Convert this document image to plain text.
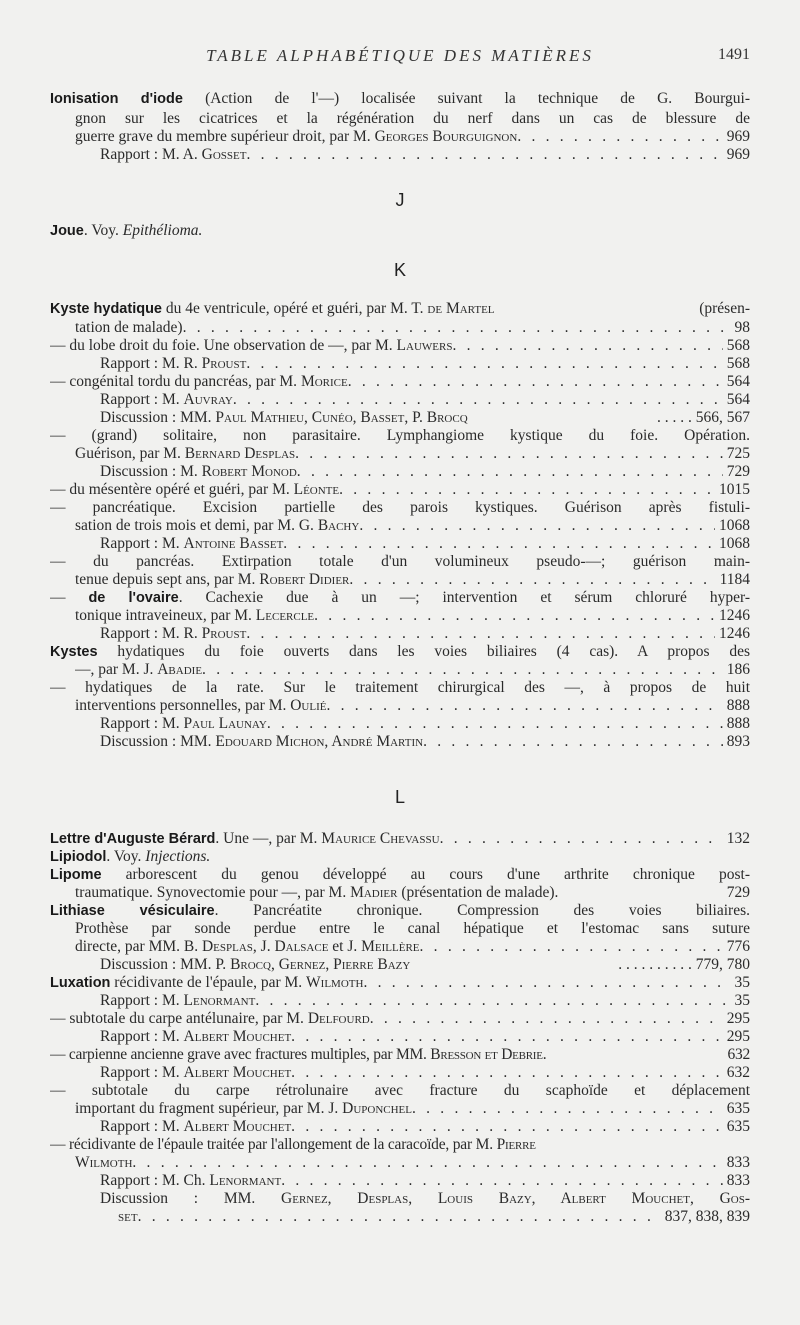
TABLE ALPHABÉTIQUE DES MATIÈRES	1491
Ionisation d'iode (Action de l'—) localisée suivant la technique de G. Bourgui-
gnon sur les cicatrices et la régénération du nerf dans un cas de blessure de
guerre grave du membre supérieur droit, par M. Georges Bourguignon . . .	969
Rapport : M. A. Gosset . . .	969
J
Joue. Voy. Epithélioma.
K
Kyste hydatique du 4e ventricule, opéré et guéri, par M. T. de Martel	(présen-
tation de malade) . . .	98
— du lobe droit du foie. Une observation de —, par M. Lauwers . . .	568
Rapport : M. R. Proust . . .	568
— congénital tordu du pancréas, par M. Morice . . .	564
Rapport : M. Auvray . . .	564
Discussion : MM. Paul Mathieu, Cunéo, Basset, P. Brocq	. . . . . 566, 567
— (grand) solitaire, non parasitaire. Lymphangiome kystique du foie. Opération.
Guérison, par M. Bernard Desplas . . .	725
Discussion : M. Robert Monod . . .	729
— du mésentère opéré et guéri, par M. Léonte . . .	1015
— pancréatique. Excision partielle des parois kystiques. Guérison après fistuli-
sation de trois mois et demi, par M. G. Bachy . . .	1068
Rapport : M. Antoine Basset . . .	1068
— du pancréas. Extirpation totale d'un volumineux pseudo-—; guérison main-
tenue depuis sept ans, par M. Robert Didier . . .	1184
— de l'ovaire. Cachexie due à un —; intervention et sérum chloruré hyper-
tonique intraveineux, par M. Lecercle . . .	1246
Rapport : M. R. Proust . . .	1246
Kystes hydatiques du foie ouverts dans les voies biliaires (4 cas). A propos des
—, par M. J. Abadie . . .	186
— hydatiques de la rate. Sur le traitement chirurgical des —, à propos de huit
interventions personnelles, par M. Oulié . . .	888
Rapport : M. Paul Launay . . .	888
Discussion : MM. Edouard Michon, André Martin . . .	893
L
Lettre d'Auguste Bérard. Une —, par M. Maurice Chevassu . . .	132
Lipiodol. Voy. Injections.
Lipome arborescent du genou développé au cours d'une arthrite chronique post-
traumatique. Synovectomie pour —, par M. Madier (présentation de malade).	729
Lithiase vésiculaire. Pancréatite chronique. Compression des voies biliaires.
Prothèse par sonde perdue entre le canal hépatique et l'estomac sans suture
directe, par MM. B. Desplas, J. Dalsace et J. Meillère . . .	776
Discussion : MM. P. Brocq, Gernez, Pierre Bazy	. . . . . . . . . . 779, 780
Luxation récidivante de l'épaule, par M. Wilmoth . . .	35
Rapport : M. Lenormant . . .	35
— subtotale du carpe antélunaire, par M. Delfourd . . .	295
Rapport : M. Albert Mouchet . . .	295
— carpienne ancienne grave avec fractures multiples, par MM. Bresson et Debrie.	632
Rapport : M. Albert Mouchet . . .	632
— subtotale du carpe rétrolunaire avec fracture du scaphoïde et déplacement
important du fragment supérieur, par M. J. Duponchel . . .	635
Rapport : M. Albert Mouchet . . .	635
— récidivante de l'épaule traitée par l'allongement de la caracoïde, par M. Pierre
Wilmoth . . .	833
Rapport : M. Ch. Lenormant . . .	833
Discussion : MM. Gernez, Desplas, Louis Bazy, Albert Mouchet, Gos-
set . . .	837, 838, 839
